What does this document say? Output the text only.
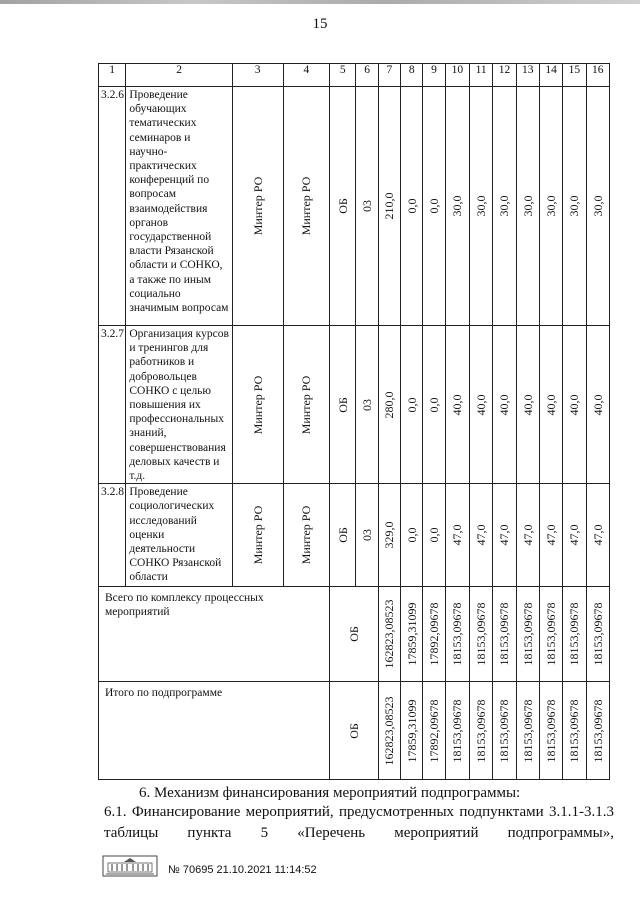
15
1	2	3	4	5	6	7	8	9	10	11	12	13	14	15	16
3.2.6	Проведение обучающих тематических семинаров и научно-практических конференций по вопросам взаимодействия органов государственной власти Рязанской области и СОНКО, а также по иным социально значимым вопросам	Минтер РО	Минтер РО	ОБ	03	210,0	0,0	0,0	30,0	30,0	30,0	30,0	30,0	30,0	30,0

3.2.7	Организация курсов и тренингов для работников и добровольцев СОНКО с целью повышения их профессиональных знаний, совершенствования деловых качеств и т.д.	Минтер РО	Минтер РО	ОБ	03	280,0	0,0	0,0	40,0	40,0	40,0	40,0	40,0	40,0	40,0

3.2.8	Проведение социологических исследований оценки деятельности СОНКО Рязанской области	Минтер РО	Минтер РО	ОБ	03	329,0	0,0	0,0	47,0	47,0	47,0	47,0	47,0	47,0	47,0

Всего по комплексу процессных мероприятий				ОБ		162823,08523	17859,31099	17892,09678	18153,09678	18153,09678	18153,09678	18153,09678	18153,09678	18153,09678	18153,09678

Итого по подпрограмме				ОБ		162823,08523	17859,31099	17892,09678	18153,09678	18153,09678	18153,09678	18153,09678	18153,09678	18153,09678	18153,09678
6. Механизм финансирования мероприятий подпрограммы:
6.1. Финансирование мероприятий, предусмотренных подпунктами 3.1.1-3.1.3 таблицы пункта 5 «Перечень мероприятий подпрограммы»,
№ 70695 21.10.2021 11:14:52
